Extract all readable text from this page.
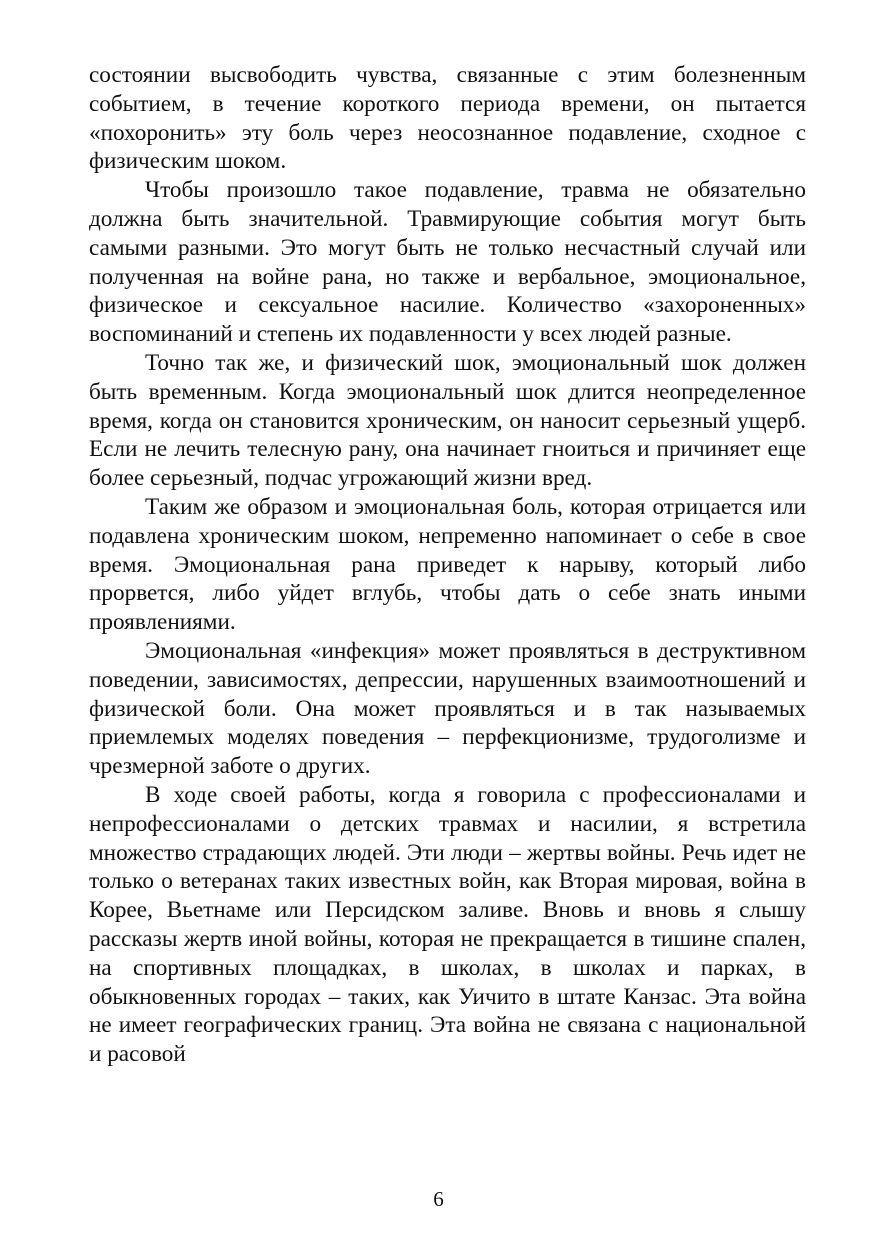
состоянии высвободить чувства, связанные с этим болезненным событием, в течение короткого периода времени, он пытается «похоронить» эту боль через неосознанное подавление, сходное с физическим шоком.

Чтобы произошло такое подавление, травма не обязательно должна быть значительной. Травмирующие события могут быть самыми разными. Это могут быть не только несчастный случай или полученная на войне рана, но также и вербальное, эмоциональное, физическое и сексуальное насилие. Количество «захороненных» воспоминаний и степень их подавленности у всех людей разные.

Точно так же, и физический шок, эмоциональный шок должен быть временным. Когда эмоциональный шок длится неопределенное время, когда он становится хроническим, он наносит серьезный ущерб. Если не лечить телесную рану, она начинает гноиться и причиняет еще более серьезный, подчас угрожающий жизни вред.

Таким же образом и эмоциональная боль, которая отрицается или подавлена хроническим шоком, непременно напоминает о себе в свое время. Эмоциональная рана приведет к нарыву, который либо прорвется, либо уйдет вглубь, чтобы дать о себе знать иными проявлениями.

Эмоциональная «инфекция» может проявляться в деструктивном поведении, зависимостях, депрессии, нарушенных взаимоотношений и физической боли. Она может проявляться и в так называемых приемлемых моделях поведения – перфекционизме, трудоголизме и чрезмерной заботе о других.

В ходе своей работы, когда я говорила с профессионалами и непрофессионалами о детских травмах и насилии, я встретила множество страдающих людей. Эти люди – жертвы войны. Речь идет не только о ветеранах таких известных войн, как Вторая мировая, война в Корее, Вьетнаме или Персидском заливе. Вновь и вновь я слышу рассказы жертв иной войны, которая не прекращается в тишине спален, на спортивных площадках, в школах, в школах и парках, в обыкновенных городах – таких, как Уичито в штате Канзас. Эта война не имеет географических границ. Эта война не связана с национальной и расовой

6
